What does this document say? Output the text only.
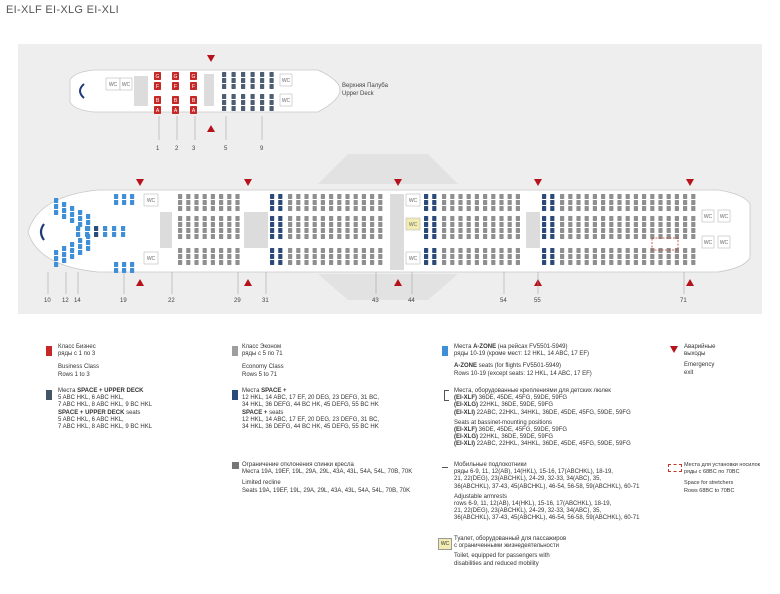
EI-XLF EI-XLG EI-XLI
WC WC
G
F
B
A
G
F
B
A
G
F
B
A
WC
WC
WC
WC
WC
WC
WC
WC
WC
WC
WC
Верхняя Палуба
Upper Deck
1	2 3	5	9
10 12 14	19	22	29	31	43	44	54	55	71
Класс Бизнес
ряды с 1 по 3
Business Class
Rows 1 to 3
Места SPACE + UPPER DECK
5 ABC HKL, 6 ABC HKL,
7 ABC HKL, 8 ABC HKL, 9 BC HKL
SPACE + UPPER DECK seats
5 ABC HKL, 6 ABC HKL,
7 ABC HKL, 8 ABC HKL, 9 BC HKL
Класс Эконом
ряды с 5 по 71
Economy Class
Rows 5 to 71
Места SPACE +
12 HKL, 14 ABC, 17 EF, 20 DEG, 23 DEFG, 31 BC,
34 HKL, 36 DEFG, 44 BC HK, 45 DEFG, 55 BC HK
SPACE + seats
12 HKL, 14 ABC, 17 EF, 20 DEG, 23 DEFG, 31 BC,
34 HKL, 36 DEFG, 44 BC HK, 45 DEFG, 55 BC HK
Ограничение отклонения спинки кресла
Места 19A, 19EF, 19L, 29A, 29L, 43A, 43L, 54A, 54L, 70B, 70K
Limited recline
Seats 19A, 19EF, 19L, 29A, 29L, 43A, 43L, 54A, 54L, 70B, 70K
Места A-ZONE (на рейсах FV5501-5949)
ряды 10-19 (кроме мест: 12 HKL, 14 ABC, 17 EF)
A-ZONE seats (for flights FV5501-5949)
Rows 10-19 (except seats: 12 HKL, 14 ABC, 17 EF)
Места, оборудованные креплениями для детских люлек
(EI-XLF) 36DE, 45DE, 45FG, 59DE, 59FG
(EI-XLG) 22HKL, 36DE, 59DE, 59FG
(EI-XLI) 22ABC, 22HKL, 34HKL, 36DE, 45DE, 45FG, 59DE, 59FG
Seats at bassinet-mounting positions
(EI-XLF) 36DE, 45DE, 45FG, 59DE, 59FG
(EI-XLG) 22HKL, 36DE, 59DE, 59FG
(EI-XLI) 22ABC, 22HKL, 34HKL, 36DE, 45DE, 45FG, 59DE, 59FG
Мобильные подлокотники
ряды 6-9, 11, 12(AB), 14(HKL), 15-16, 17(ABCHKL), 18-19,
21, 22(DEG), 23(ABCHKL), 24-29, 32-33, 34(ABC), 35,
36(ABCHKL), 37-43, 45(ABCHKL), 46-54, 56-58, 59(ABCHKL), 60-71
Adjustable armrests
rows 6-9, 11, 12(AB), 14(HKL), 15-16, 17(ABCHKL), 18-19,
21, 22(DEG), 23(ABCHKL), 24-29, 32-33, 34(ABC), 35,
36(ABCHKL), 37-43, 45(ABCHKL), 46-54, 56-58, 59(ABCHKL), 60-71
WC
Туалет, оборудованный для пассажиров
с ограниченными жизнедеятельности
Toilet, equipped for passengers with
disabilities and reduced mobility
Аварийные
выходы
Emergency
exit
Места для установки носилок
ряды с 68BC по 70BC
Space for stretchers
Rows 68BC to 70BC
